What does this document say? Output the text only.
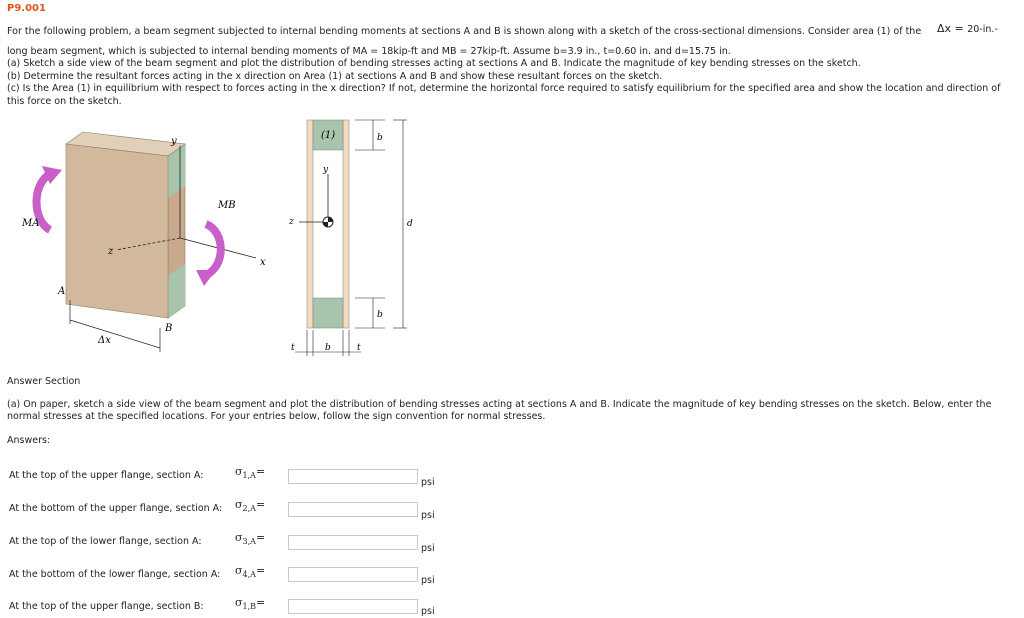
P9.001

For the following problem, a beam segment subjected to internal bending moments at sections A and B is shown along with a sketch of the cross-sectional dimensions. Consider area (1) of the	Δx = 20-in.-
long beam segment, which is subjected to internal bending moments of MA = 18kip-ft and MB = 27kip-ft. Assume b=3.9 in., t=0.60 in. and d=15.75 in.
(a) Sketch a side view of the beam segment and plot the distribution of bending stresses acting at sections A and B. Indicate the magnitude of key bending stresses on the sketch.
(b) Determine the resultant forces acting in the x direction on Area (1) at sections A and B and show these resultant forces on the sketch.
(c) Is the Area (1) in equilibrium with respect to forces acting in the x direction? If not, determine the horizontal force required to satisfy equilibrium for the specified area and show the location and direction of
this force on the sketch.
y
x
z
MA
MB
A
B
Δx
(1)
y
z
b
d
b
t	b	t
Answer Section
(a) On paper, sketch a side view of the beam segment and plot the distribution of bending stresses acting at sections A and B. Indicate the magnitude of key bending stresses on the sketch. Below, enter the normal stresses at the specified locations. For your entries below, follow the sign convention for normal stresses.
Answers:
At the top of the upper flange, section A:	$\sigma_{1,A}=$
psi
At the bottom of the upper flange, section A: $\sigma_{2,A}=$
psi
At the top of the lower flange, section A:	$\sigma_{3,A}=$
psi
At the bottom of the lower flange, section A: $\sigma_{4,A}=$
psi
At the top of the upper flange, section B:	$\sigma_{1,B}=$
psi
